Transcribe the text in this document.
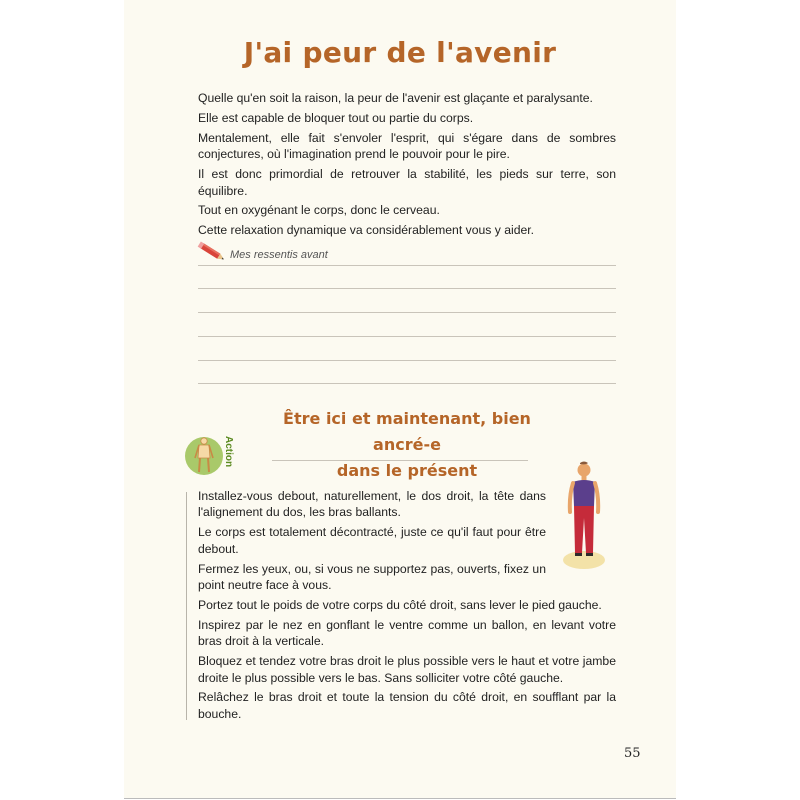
J'ai peur de l'avenir

Quelle qu'en soit la raison, la peur de l'avenir est glaçante et paralysante.

Elle est capable de bloquer tout ou partie du corps.

Mentalement, elle fait s'envoler l'esprit, qui s'égare dans de sombres conjectures, où l'imagination prend le pouvoir pour le pire.

Il est donc primordial de retrouver la stabilité, les pieds sur terre, son équilibre.

Tout en oxygénant le corps, donc le cerveau.

Cette relaxation dynamique va considérablement vous y aider.

Mes ressentis avant
Être ici et maintenant, bien ancré-e
dans le présent
Action

Installez-vous debout, naturellement, le dos droit, la tête dans l'alignement du dos, les bras ballants.

Le corps est totalement décontracté, juste ce qu'il faut pour être debout.

Fermez les yeux, ou, si vous ne supportez pas, ouverts, fixez un point neutre face à vous.

Portez tout le poids de votre corps du côté droit, sans lever le pied gauche.

Inspirez par le nez en gonflant le ventre comme un ballon, en levant votre bras droit à la verticale.

Bloquez et tendez votre bras droit le plus possible vers le haut et votre jambe droite le plus possible vers le bas. Sans solliciter votre côté gauche.

Relâchez le bras droit et toute la tension du côté droit, en soufflant par la bouche.

55
